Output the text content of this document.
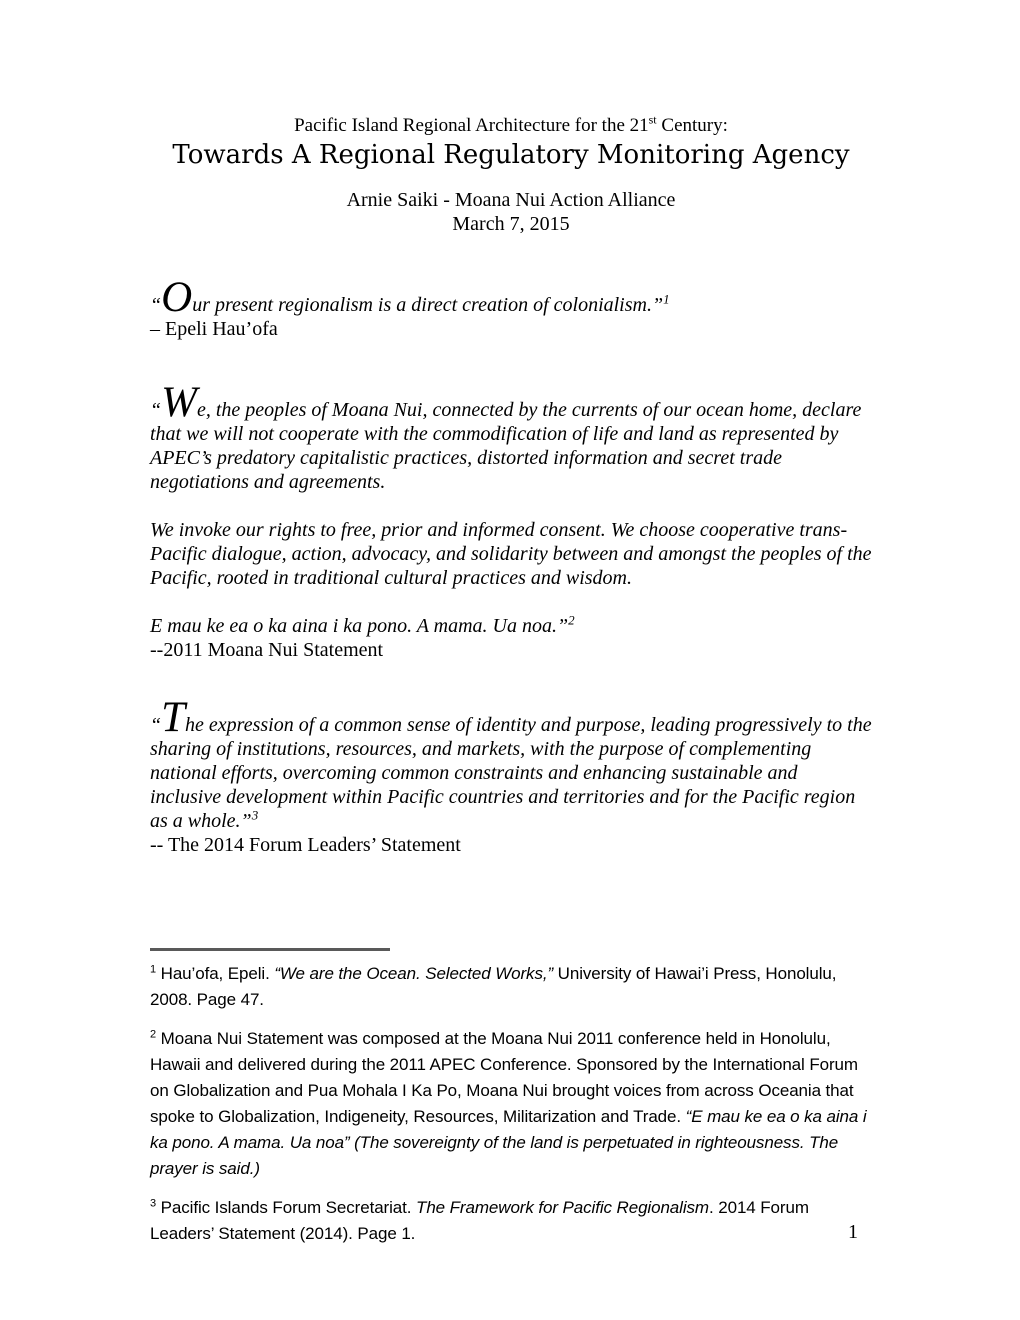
Pacific Island Regional Architecture for the 21st Century:

Towards A Regional Regulatory Monitoring Agency

Arnie Saiki - Moana Nui Action Alliance

March 7, 2015

“Our present regionalism is a direct creation of colonialism.”$^1$

– Epeli Hau’ofa

“We, the peoples of Moana Nui, connected by the currents of our ocean home, declare that we will not cooperate with the commodification of life and land as represented by APEC’s predatory capitalistic practices, distorted information and secret trade negotiations and agreements.

We invoke our rights to free, prior and informed consent. We choose cooperative trans-Pacific dialogue, action, advocacy, and solidarity between and amongst the peoples of the Pacific, rooted in traditional cultural practices and wisdom.

E mau ke ea o ka aina i ka pono. A mama. Ua noa.”$^2$

--2011 Moana Nui Statement

“The expression of a common sense of identity and purpose, leading progressively to the sharing of institutions, resources, and markets, with the purpose of complementing national efforts, overcoming common constraints and enhancing sustainable and inclusive development within Pacific countries and territories and for the Pacific region as a whole.”$^3$

-- The 2014 Forum Leaders’ Statement

$^1$ Hau’ofa, Epeli. “We are the Ocean. Selected Works,” University of Hawai’i Press, Honolulu, 2008. Page 47.

$^2$ Moana Nui Statement was composed at the Moana Nui 2011 conference held in Honolulu, Hawaii and delivered during the 2011 APEC Conference. Sponsored by the International Forum on Globalization and Pua Mohala I Ka Po, Moana Nui brought voices from across Oceania that spoke to Globalization, Indigeneity, Resources, Militarization and Trade. “E mau ke ea o ka aina i ka pono. A mama. Ua noa” (The sovereignty of the land is perpetuated in righteousness. The prayer is said.)

$^3$ Pacific Islands Forum Secretariat. The Framework for Pacific Regionalism. 2014 Forum Leaders’ Statement (2014). Page 1.	1
